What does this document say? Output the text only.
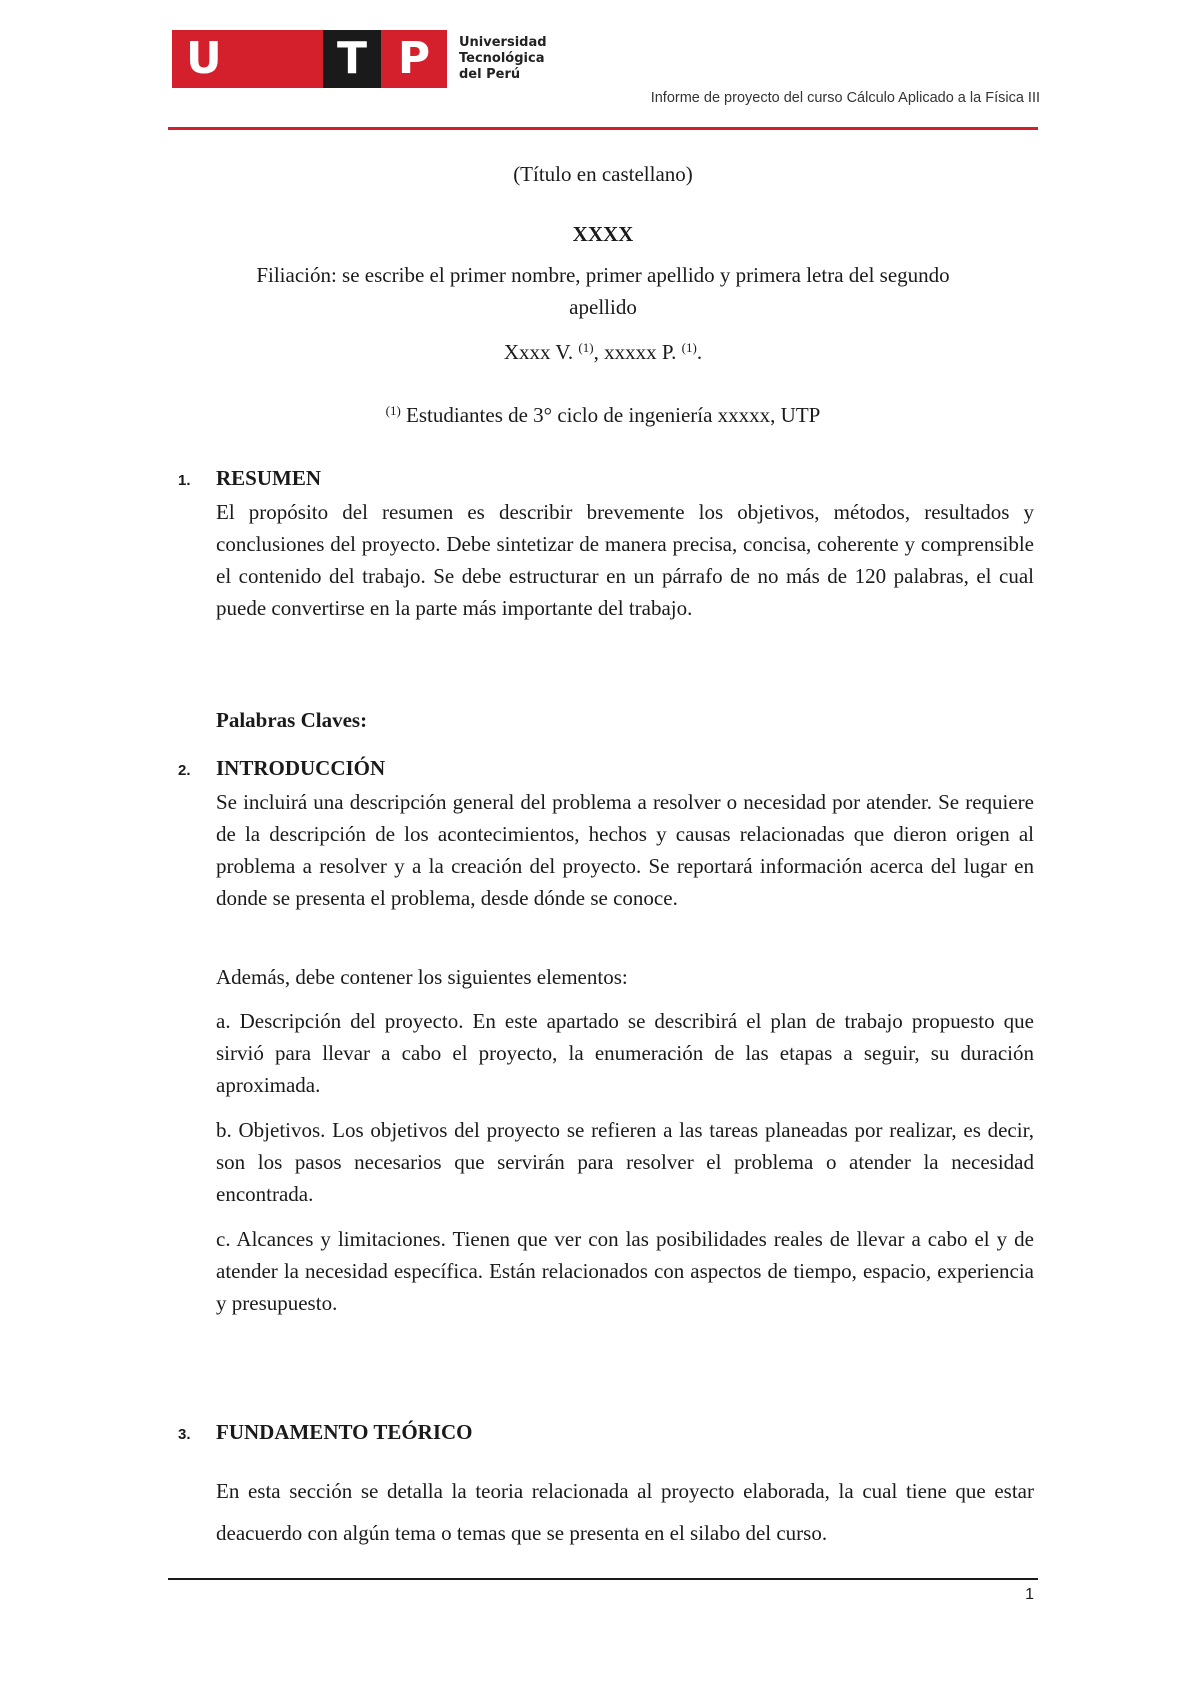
U	T P Universidad
Tecnológica
del Perú
Informe de proyecto del curso Cálculo Aplicado a la Física III
(Título en castellano)
XXXX
Filiación: se escribe el primer nombre, primer apellido y primera letra del segundo apellido
Xxxx V. $^{(1)}$, xxxxx P. $^{(1)}$.
$^{(1)}$ Estudiantes de 3° ciclo de ingeniería xxxxx, UTP
1. RESUMEN
El propósito del resumen es describir brevemente los objetivos, métodos, resultados y conclusiones del proyecto. Debe sintetizar de manera precisa, concisa, coherente y comprensible el contenido del trabajo. Se debe estructurar en un párrafo de no más de 120 palabras, el cual puede convertirse en la parte más importante del trabajo.
Palabras Claves:
2. INTRODUCCIÓN
Se incluirá una descripción general del problema a resolver o necesidad por atender. Se requiere de la descripción de los acontecimientos, hechos y causas relacionadas que dieron origen al problema a resolver y a la creación del proyecto. Se reportará información acerca del lugar en donde se presenta el problema, desde dónde se conoce.
Además, debe contener los siguientes elementos:
a. Descripción del proyecto. En este apartado se describirá el plan de trabajo propuesto que sirvió para llevar a cabo el proyecto, la enumeración de las etapas a seguir, su duración aproximada.
b. Objetivos. Los objetivos del proyecto se refieren a las tareas planeadas por realizar, es decir, son los pasos necesarios que servirán para resolver el problema o atender la necesidad encontrada.
c. Alcances y limitaciones. Tienen que ver con las posibilidades reales de llevar a cabo el y de atender la necesidad específica. Están relacionados con aspectos de tiempo, espacio, experiencia y presupuesto.
3. FUNDAMENTO TEÓRICO
En esta sección se detalla la teoria relacionada al proyecto elaborada, la cual tiene que estar deacuerdo con algún tema o temas que se presenta en el silabo del curso.
1
